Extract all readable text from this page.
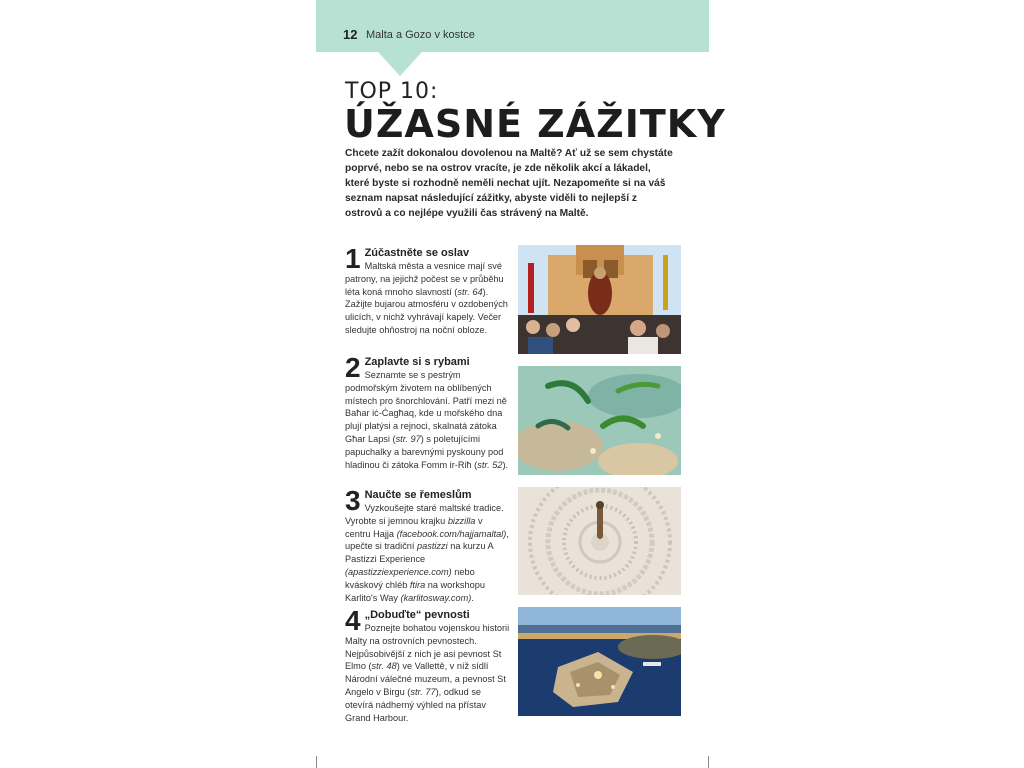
12 Malta a Gozo v kostce
TOP 10:
ÚŽASNÉ ZÁŽITKY
Chcete zažít dokonalou dovolenou na Maltě? Ať už se sem chystáte poprvé, nebo se na ostrov vracíte, je zde několik akcí a lákadel, které byste si rozhodně neměli nechat ujít. Nezapomeňte si na váš seznam napsat následující zážitky, abyste viděli to nejlepší z ostrovů a co nejlépe využili čas strávený na Maltě.
1 Zúčastněte se oslav
Maltská města a vesnice mají své patrony, na jejichž počest se v průběhu léta koná mnoho slavností (str. 64). Zažijte bujarou atmosféru v ozdobených ulicích, v nichž vyhrávají kapely. Večer sledujte ohňostroj na noční obloze.
2 Zaplavte si s rybami
Seznamte se s pestrým podmořským životem na oblíbených místech pro šnorchlování. Patří mezi ně Baħar iċ-Ċagħaq, kde u mořského dna plují platýsi a rejnoci, skalnatá zátoka Għar Lapsi (str. 97) s poletujícími papuchalky a barevnými pyskouny pod hladinou či zátoka Fomm ir-Riħ (str. 52).
3 Naučte se řemeslům
Vyzkoušejte staré maltské tradice. Vyrobte si jemnou krajku bizzilla v centru Hajja (facebook.com/hajjamaltal), upečte si tradiční pastizzi na kurzu A Pastizzi Experience (apastizziexperience.com) nebo kváskový chléb ftira na workshopu Karlito's Way (karlitosway.com).
4 „Dobuďte“ pevnosti
Poznejte bohatou vojenskou historii Malty na ostrovních pevnostech. Nejpůsobivější z nich je asi pevnost St Elmo (str. 48) ve Vallettě, v níž sídlí Národní válečné muzeum, a pevnost St Angelo v Birgu (str. 77), odkud se otevírá nádherný výhled na přístav Grand Harbour.
